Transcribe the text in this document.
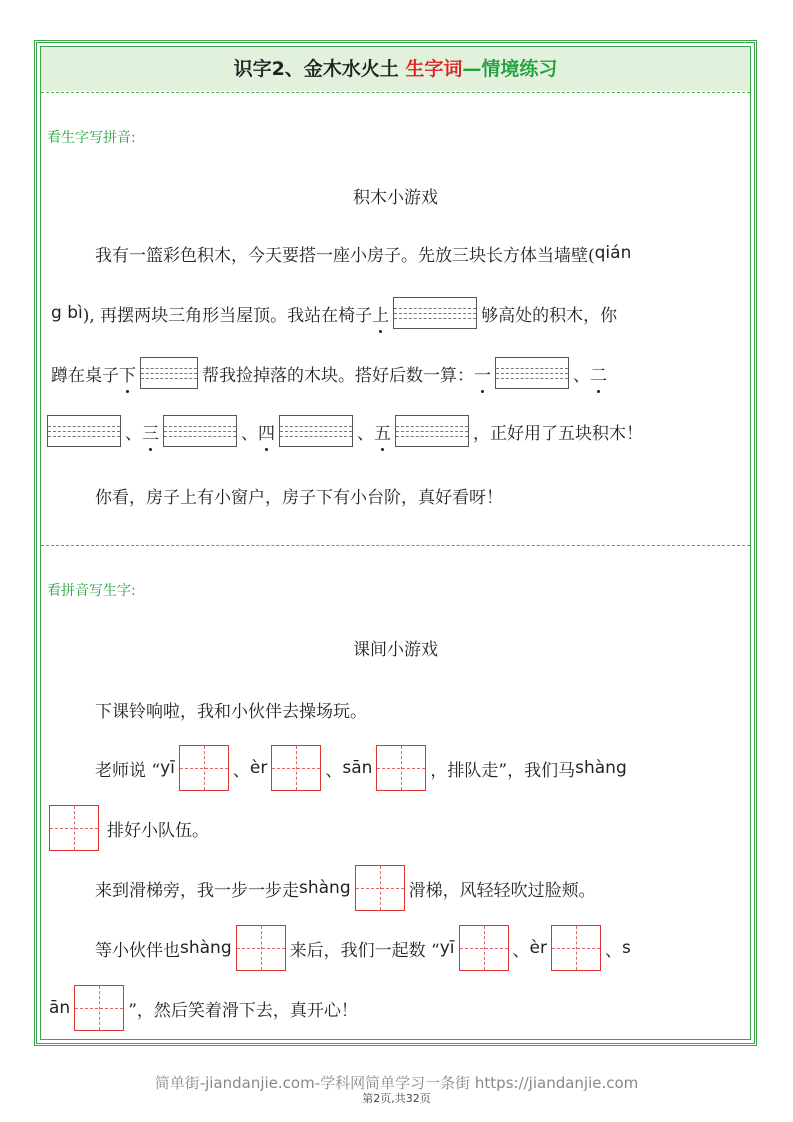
识字2、金木水火土 生字词—情境练习
看生字写拼音:
积木小游戏
我有一篮彩色积木，今天要搭一座小房子。先放三块长方体当墙壁( qián
g bì ), 再摆两块三角形当屋顶。我站在椅子 上	够高处的积木，你
蹲在桌子 下	帮我捡掉落的木块。搭好后数一算： 一	、 二
、 三	、 四	、 五	，正好用了五块积木！
你看，房子上有小窗户，房子下有小台阶，真好看呀！
看拼音写生字:
课间小游戏
下课铃响啦，我和小伙伴去操场玩。
老师说 “ yī	、 èr	、 sān	，排队走”，我们马 shàng
排好小队伍。
来到滑梯旁，我一步一步走 shàng	滑梯，风轻轻吹过脸颊。
等小伙伴也 shàng	来后，我们一起数 “ yī	、 èr	、 s
ān	”，然后笑着滑下去，真开心！
简单街-jiandanjie.com-学科网简单学习一条街 https://jiandanjie.com
第2页,共32页
